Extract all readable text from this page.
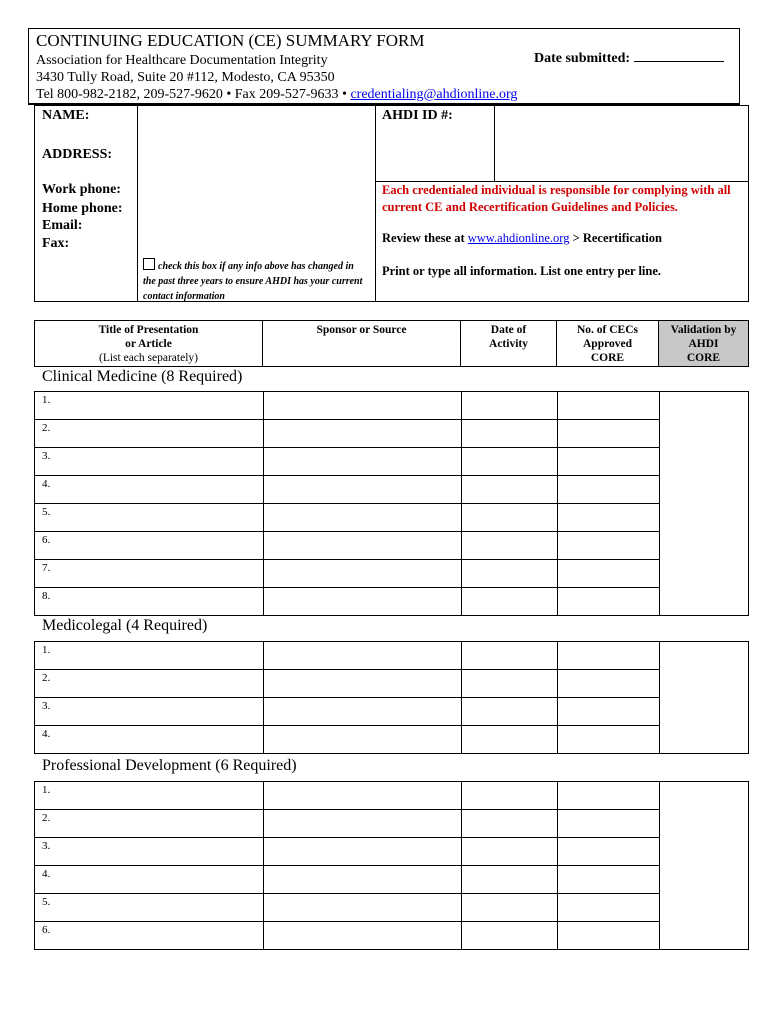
CONTINUING EDUCATION (CE) SUMMARY FORM
Association for Healthcare Documentation Integrity
3430 Tully Road, Suite 20 #112, Modesto, CA 95350
Tel 800-982-2182, 209-527-9620 • Fax 209-527-9633 • credentialing@ahdionline.org
Date submitted:
NAME:
ADDRESS:
Work phone:
Home phone:
Email:
Fax:
AHDI ID #:
check this box if any info above has changed in the past three years to ensure AHDI has your current contact information
Each credentialed individual is responsible for complying with all current CE and Recertification Guidelines and Policies.
Review these at www.ahdionline.org > Recertification
Print or type all information. List one entry per line.
Title of Presentation
or Article
(List each separately)
Sponsor or Source	Date of
Activity
No. of CECs
Approved
CORE
Validation by
AHDI
CORE
Clinical Medicine (8 Required)
1.
2.
3.
4.
5.
6.
7.
8.
Medicolegal (4 Required)
1.
2.
3.
4.
Professional Development (6 Required)
1.
2.
3.
4.
5.
6.
